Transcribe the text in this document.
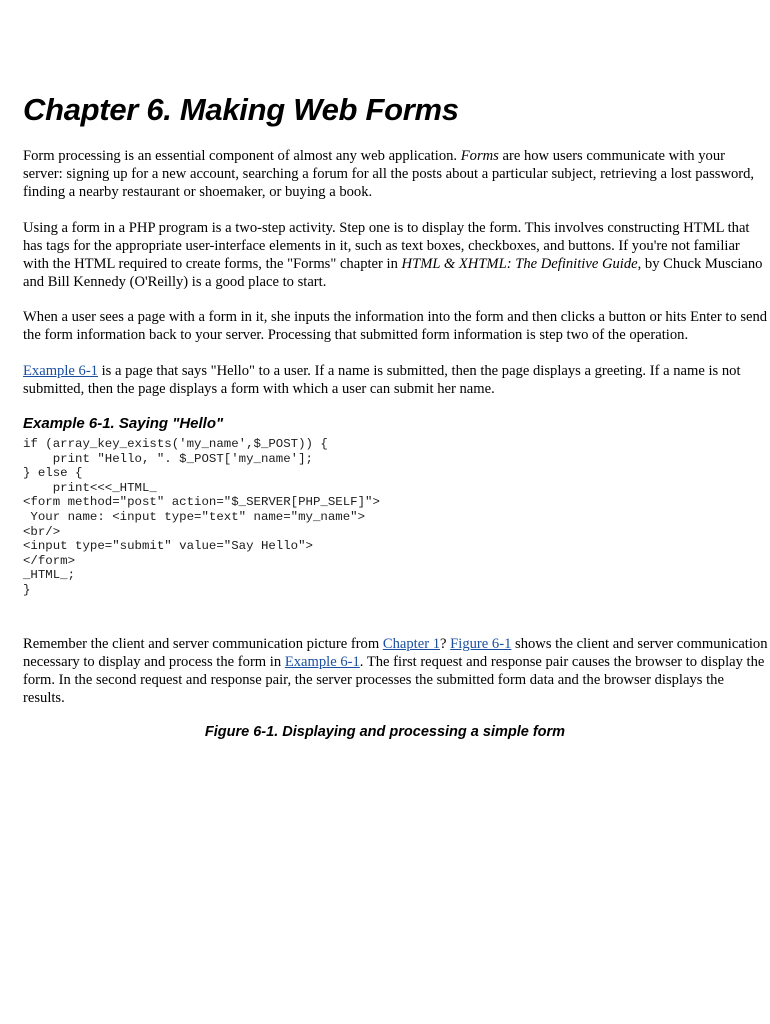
Chapter 6. Making Web Forms

Form processing is an essential component of almost any web application. Forms are how users communicate with your server: signing up for a new account, searching a forum for all the posts about a particular subject, retrieving a lost password, finding a nearby restaurant or shoemaker, or buying a book.

Using a form in a PHP program is a two-step activity. Step one is to display the form. This involves constructing HTML that has tags for the appropriate user-interface elements in it, such as text boxes, checkboxes, and buttons. If you're not familiar with the HTML required to create forms, the "Forms" chapter in HTML & XHTML: The Definitive Guide, by Chuck Musciano and Bill Kennedy (O'Reilly) is a good place to start.

When a user sees a page with a form in it, she inputs the information into the form and then clicks a button or hits Enter to send the form information back to your server. Processing that submitted form information is step two of the operation.

Example 6-1 is a page that says "Hello" to a user. If a name is submitted, then the page displays a greeting. If a name is not submitted, then the page displays a form with which a user can submit her name.

Example 6-1. Saying "Hello"
if (array_key_exists('my_name',$_POST)) {
print "Hello, ". $_POST['my_name'];
} else {
print<<<_HTML_
<form method="post" action="$_SERVER[PHP_SELF]">
Your name: <input type="text" name="my_name">
<br/>
<input type="submit" value="Say Hello">
</form>
_HTML_;
}

Remember the client and server communication picture from Chapter 1? Figure 6-1 shows the client and server communication necessary to display and process the form in Example 6-1. The first request and response pair causes the browser to display the form. In the second request and response pair, the server processes the submitted form data and the browser displays the results.

Figure 6-1. Displaying and processing a simple form
